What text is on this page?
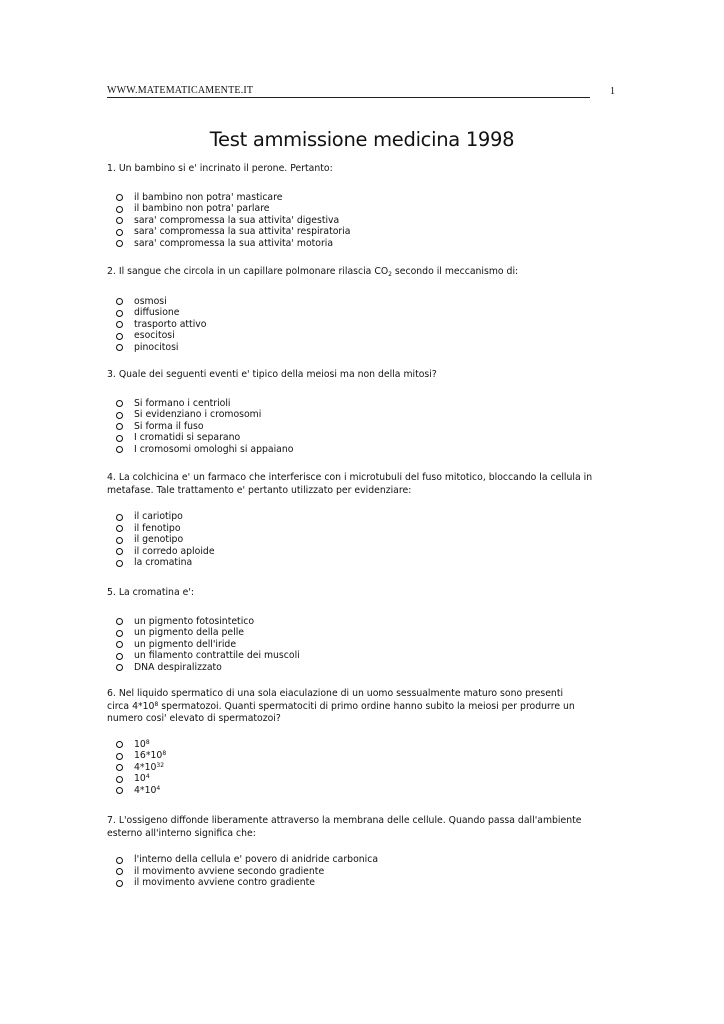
WWW.MATEMATICAMENTE.IT	1
Test ammissione medicina 1998

1. Un bambino si e' incrinato il perone. Pertanto:

il bambino non potra' masticare
il bambino non potra' parlare
sara' compromessa la sua attivita' digestiva
sara' compromessa la sua attivita' respiratoria
sara' compromessa la sua attivita' motoria

2. Il sangue che circola in un capillare polmonare rilascia $CO_2$ secondo il meccanismo di:

osmosi
diffusione
trasporto attivo
esocitosi
pinocitosi

3. Quale dei seguenti eventi e' tipico della meiosi ma non della mitosi?

Si formano i centrioli
Si evidenziano i cromosomi
Si forma il fuso
I cromatidi si separano
I cromosomi omologhi si appaiano

4. La colchicina e' un farmaco che interferisce con i microtubuli del fuso mitotico, bloccando la cellula in metafase. Tale trattamento e' pertanto utilizzato per evidenziare:

il cariotipo
il fenotipo
il genotipo
il corredo aploide
la cromatina

5. La cromatina e':

un pigmento fotosintetico
un pigmento della pelle
un pigmento dell'iride
un filamento contrattile dei muscoli
DNA despiralizzato

6. Nel liquido spermatico di una sola eiaculazione di un uomo sessualmente maturo sono presenti circa $4*10^8$ spermatozoi. Quanti spermatociti di primo ordine hanno subito la meiosi per produrre un numero cosi' elevato di spermatozoi?

$10^8$
$16*10^8$
$4*10^{32}$
$10^4$
$4*10^4$

7. L'ossigeno diffonde liberamente attraverso la membrana delle cellule. Quando passa dall'ambiente esterno all'interno significa che:

l'interno della cellula e' povero di anidride carbonica
il movimento avviene secondo gradiente
il movimento avviene contro gradiente
